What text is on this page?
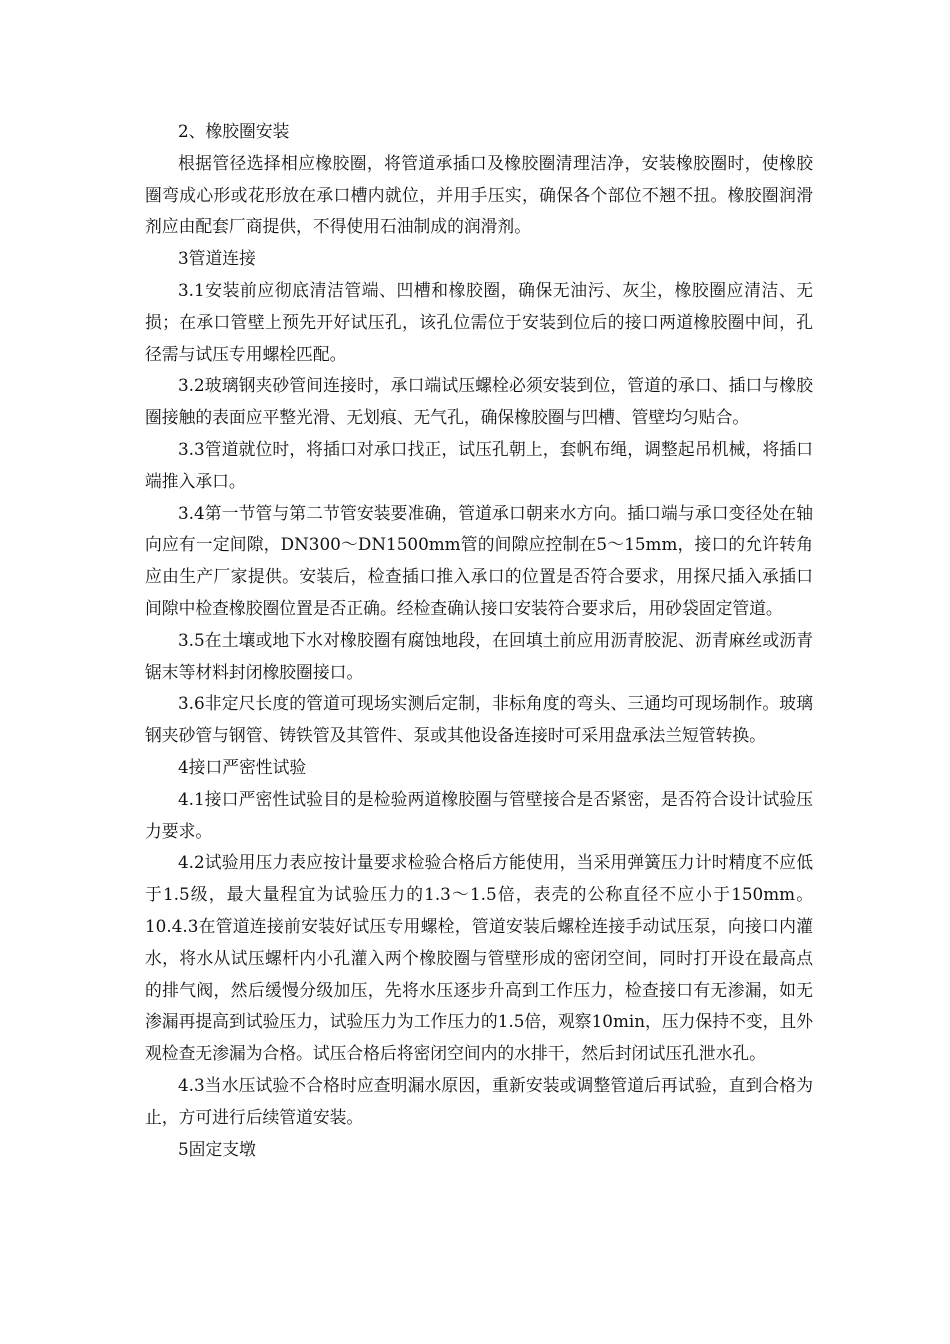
2、橡胶圈安装

根据管径选择相应橡胶圈，将管道承插口及橡胶圈清理洁净，安装橡胶圈时，使橡胶圈弯成心形或花形放在承口槽内就位，并用手压实，确保各个部位不翘不扭。橡胶圈润滑剂应由配套厂商提供，不得使用石油制成的润滑剂。

3管道连接

3.1安装前应彻底清洁管端、凹槽和橡胶圈，确保无油污、灰尘，橡胶圈应清洁、无损；在承口管壁上预先开好试压孔，该孔位需位于安装到位后的接口两道橡胶圈中间，孔径需与试压专用螺栓匹配。

3.2玻璃钢夹砂管间连接时，承口端试压螺栓必须安装到位，管道的承口、插口与橡胶圈接触的表面应平整光滑、无划痕、无气孔，确保橡胶圈与凹槽、管壁均匀贴合。

3.3管道就位时，将插口对承口找正，试压孔朝上，套帆布绳，调整起吊机械，将插口端推入承口。

3.4第一节管与第二节管安装要准确，管道承口朝来水方向。插口端与承口变径处在轴向应有一定间隙，DN300～DN1500mm管的间隙应控制在5～15mm，接口的允许转角应由生产厂家提供。安装后，检查插口推入承口的位置是否符合要求，用探尺插入承插口间隙中检查橡胶圈位置是否正确。经检查确认接口安装符合要求后，用砂袋固定管道。

3.5在土壤或地下水对橡胶圈有腐蚀地段，在回填土前应用沥青胶泥、沥青麻丝或沥青锯末等材料封闭橡胶圈接口。

3.6非定尺长度的管道可现场实测后定制，非标角度的弯头、三通均可现场制作。玻璃钢夹砂管与钢管、铸铁管及其管件、泵或其他设备连接时可采用盘承法兰短管转换。

4接口严密性试验

4.1接口严密性试验目的是检验两道橡胶圈与管壁接合是否紧密，是否符合设计试验压力要求。

4.2试验用压力表应按计量要求检验合格后方能使用，当采用弹簧压力计时精度不应低于1.5级，最大量程宜为试验压力的1.3～1.5倍，表壳的公称直径不应小于150mm。10.4.3在管道连接前安装好试压专用螺栓，管道安装后螺栓连接手动试压泵，向接口内灌水，将水从试压螺杆内小孔灌入两个橡胶圈与管壁形成的密闭空间，同时打开设在最高点的排气阀，然后缓慢分级加压，先将水压逐步升高到工作压力，检查接口有无渗漏，如无渗漏再提高到试验压力，试验压力为工作压力的1.5倍，观察10min，压力保持不变，且外观检查无渗漏为合格。试压合格后将密闭空间内的水排干，然后封闭试压孔泄水孔。

4.3当水压试验不合格时应查明漏水原因，重新安装或调整管道后再试验，直到合格为止，方可进行后续管道安装。

5固定支墩
